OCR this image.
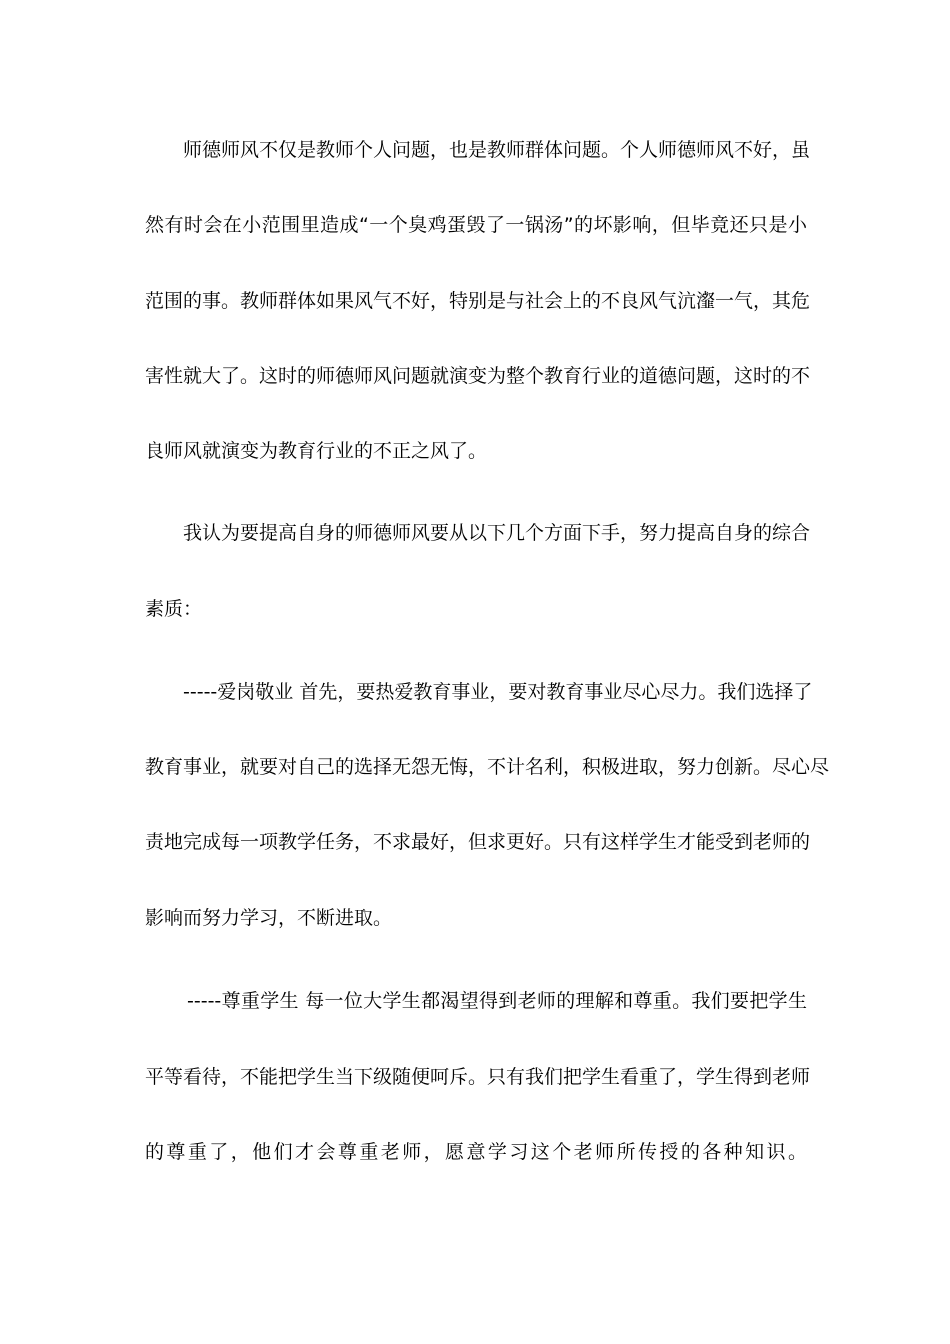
师德师风不仅是教师个人问题，也是教师群体问题。个人师德师风不好，虽
然有时会在小范围里造成“一个臭鸡蛋毁了一锅汤”的坏影响，但毕竟还只是小
范围的事。教师群体如果风气不好，特别是与社会上的不良风气沆瀣一气，其危
害性就大了。这时的师德师风问题就演变为整个教育行业的道德问题，这时的不
良师风就演变为教育行业的不正之风了。
我认为要提高自身的师德师风要从以下几个方面下手，努力提高自身的综合
素质：
-----爱岗敬业 首先，要热爱教育事业，要对教育事业尽心尽力。我们选择了
教育事业，就要对自己的选择无怨无悔，不计名利，积极进取，努力创新。尽心尽
责地完成每一项教学任务，不求最好，但求更好。只有这样学生才能受到老师的
影响而努力学习，不断进取。
-----尊重学生 每一位大学生都渴望得到老师的理解和尊重。我们要把学生
平等看待，不能把学生当下级随便呵斥。只有我们把学生看重了，学生得到老师
的尊重了，他们才会尊重老师，愿意学习这个老师所传授的各种知识。
